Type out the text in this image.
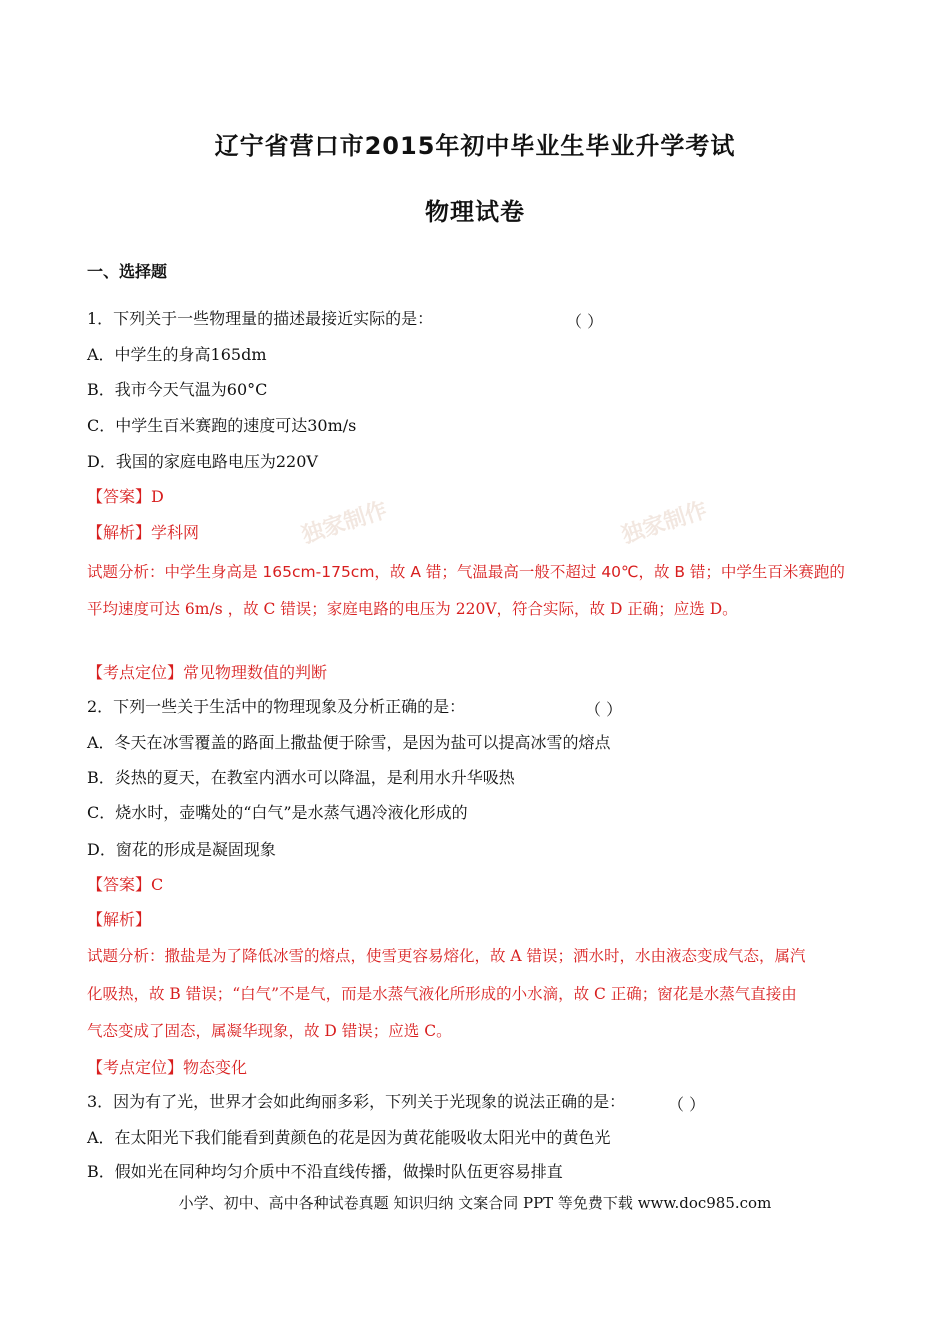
辽宁省营口市2015年初中毕业生毕业升学考试
物理试卷
一、选择题
1．下列关于一些物理量的描述最接近实际的是：	（ ）
A．中学生的身高165dm
B．我市今天气温为60°C
C．中学生百米赛跑的速度可达30m/s
D．我国的家庭电路电压为220V
【答案】D
独家制作	独家制作
【解析】学科网
试题分析：中学生身高是 165cm-175cm，故 A 错；气温最高一般不超过 40℃，故 B 错；中学生百米赛跑的
平均速度可达 6m/s ，故 C 错误；家庭电路的电压为 220V，符合实际，故 D 正确；应选 D。
【考点定位】常见物理数值的判断
2．下列一些关于生活中的物理现象及分析正确的是：	（ ）
A．冬天在冰雪覆盖的路面上撒盐便于除雪，是因为盐可以提高冰雪的熔点
B．炎热的夏天，在教室内洒水可以降温，是利用水升华吸热
C．烧水时，壶嘴处的“白气”是水蒸气遇冷液化形成的
D．窗花的形成是凝固现象
【答案】C
【解析】
试题分析：撒盐是为了降低冰雪的熔点，使雪更容易熔化，故 A 错误；洒水时，水由液态变成气态，属汽
化吸热，故 B 错误；“白气”不是气，而是水蒸气液化所形成的小水滴，故 C 正确；窗花是水蒸气直接由
气态变成了固态，属凝华现象，故 D 错误；应选 C。
【考点定位】物态变化
3．因为有了光，世界才会如此绚丽多彩，下列关于光现象的说法正确的是：	（ ）
A．在太阳光下我们能看到黄颜色的花是因为黄花能吸收太阳光中的黄色光
B．假如光在同种均匀介质中不沿直线传播，做操时队伍更容易排直
小学、初中、高中各种试卷真题 知识归纳 文案合同 PPT 等免费下载 www.doc985.com
